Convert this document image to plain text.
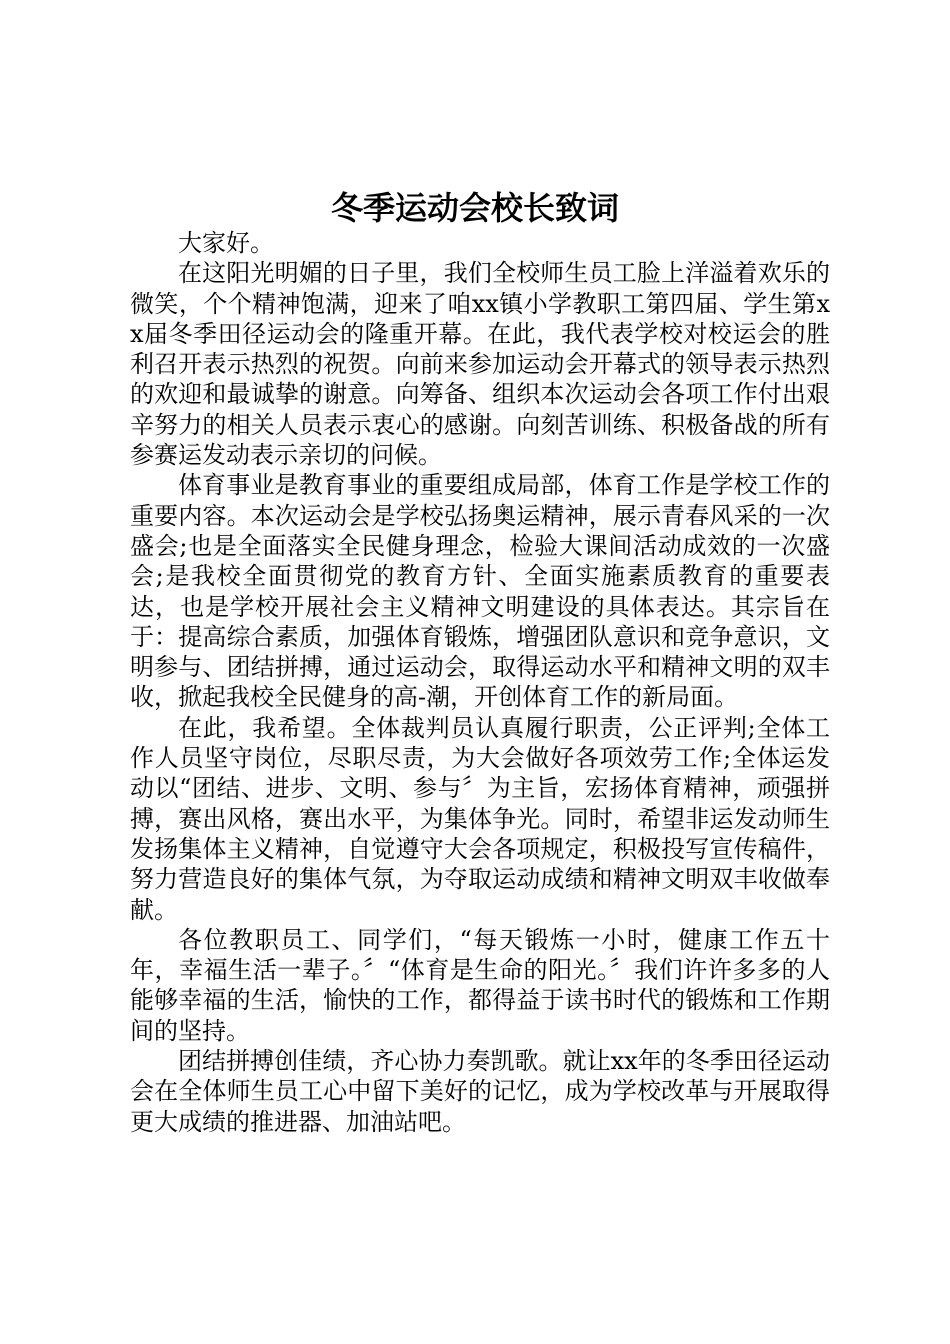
冬季运动会校长致词

大家好。

在这阳光明媚的日子里，我们全校师生员工脸上洋溢着欢乐的微笑，个个精神饱满，迎来了咱xx镇小学教职工第四届、学生第xx届冬季田径运动会的隆重开幕。在此，我代表学校对校运会的胜利召开表示热烈的祝贺。向前来参加运动会开幕式的领导表示热烈的欢迎和最诚挚的谢意。向筹备、组织本次运动会各项工作付出艰辛努力的相关人员表示衷心的感谢。向刻苦训练、积极备战的所有参赛运发动表示亲切的问候。

体育事业是教育事业的重要组成局部，体育工作是学校工作的重要内容。本次运动会是学校弘扬奥运精神，展示青春风采的一次盛会;也是全面落实全民健身理念，检验大课间活动成效的一次盛会;是我校全面贯彻党的教育方针、全面实施素质教育的重要表达，也是学校开展社会主义精神文明建设的具体表达。其宗旨在于：提高综合素质，加强体育锻炼，增强团队意识和竞争意识，文明参与、团结拼搏，通过运动会，取得运动水平和精神文明的双丰收，掀起我校全民健身的高-潮，开创体育工作的新局面。

在此，我希望。全体裁判员认真履行职责，公正评判;全体工作人员坚守岗位，尽职尽责，为大会做好各项效劳工作;全体运发动以“团结、进步、文明、参与〞为主旨，宏扬体育精神，顽强拼搏，赛出风格，赛出水平，为集体争光。同时，希望非运发动师生发扬集体主义精神，自觉遵守大会各项规定，积极投写宣传稿件，努力营造良好的集体气氛，为夺取运动成绩和精神文明双丰收做奉献。

各位教职员工、同学们，“每天锻炼一小时，健康工作五十年，幸福生活一辈子。〞“体育是生命的阳光。〞我们许许多多的人能够幸福的生活，愉快的工作，都得益于读书时代的锻炼和工作期间的坚持。

团结拼搏创佳绩，齐心协力奏凯歌。就让xx年的冬季田径运动会在全体师生员工心中留下美好的记忆，成为学校改革与开展取得更大成绩的推进器、加油站吧。
